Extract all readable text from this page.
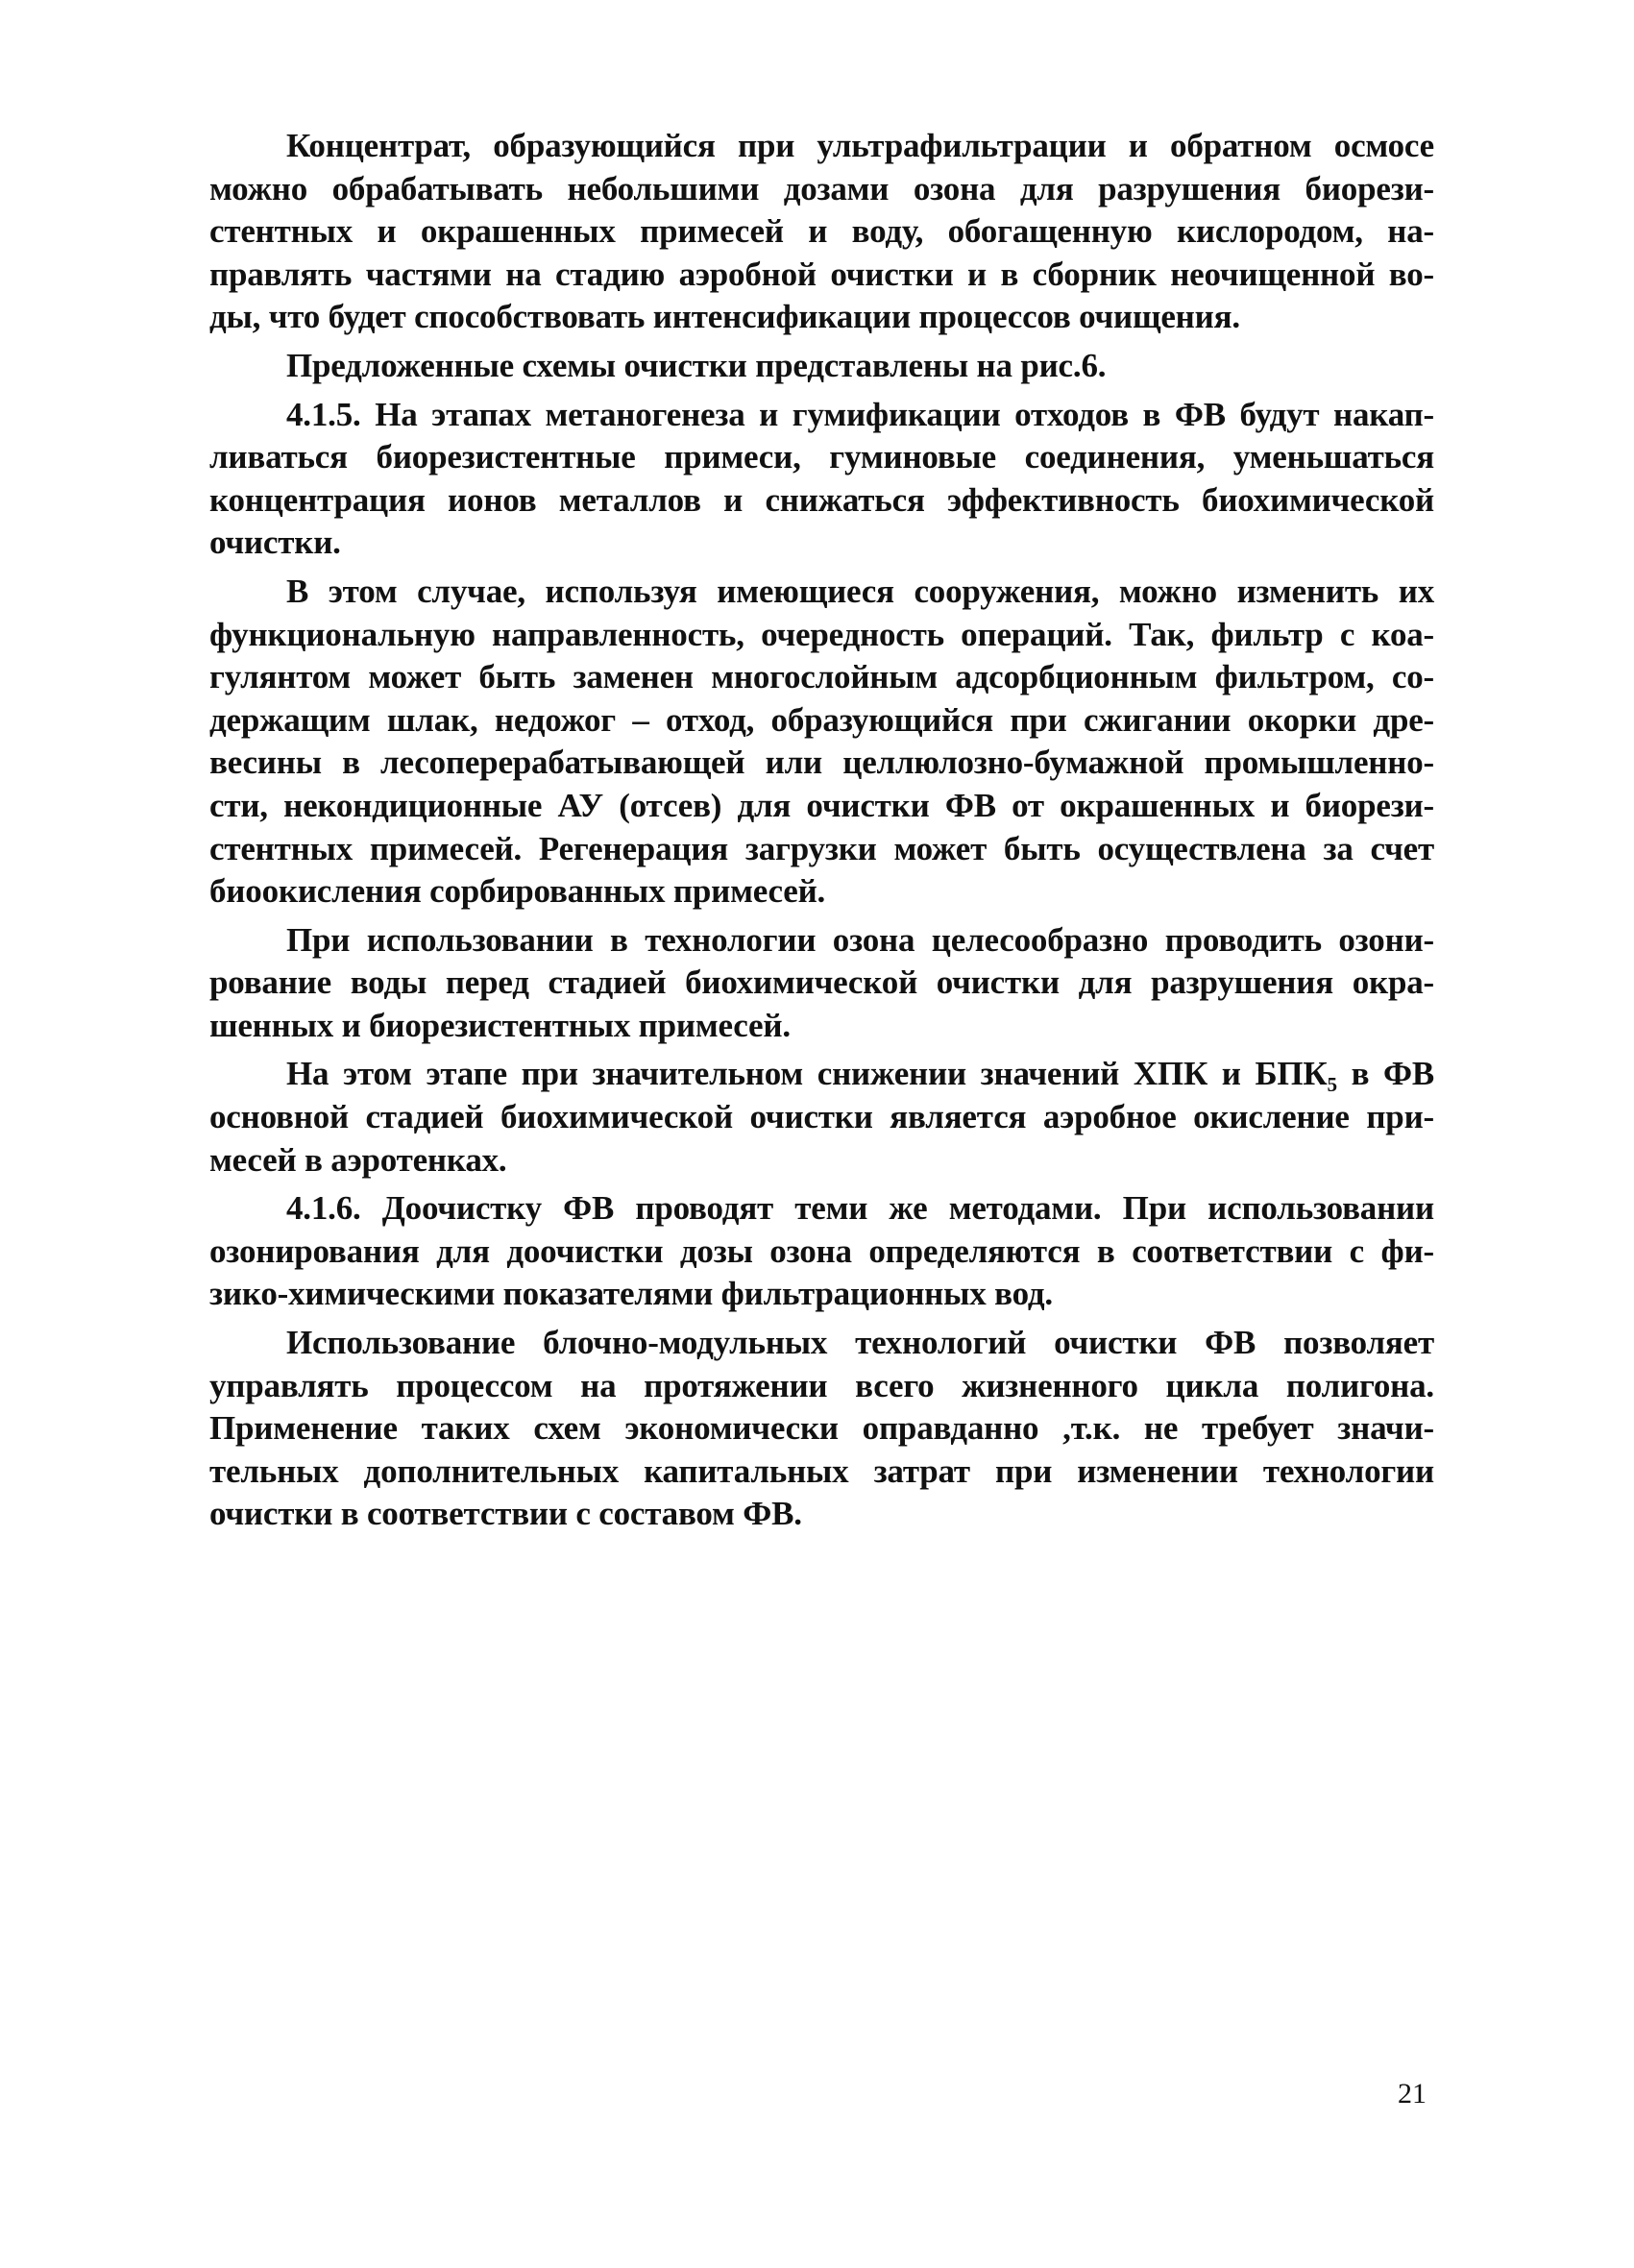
Концентрат, образующийся при ультрафильтрации и обратном осмосе
можно обрабатывать небольшими дозами озона для разрушения биорези-
стентных и окрашенных примесей и воду, обогащенную кислородом, на-
правлять частями на стадию аэробной очистки и в сборник неочищенной во-
ды, что будет способствовать интенсификации процессов очищения.

Предложенные схемы очистки представлены на рис.6.

4.1.5. На этапах метаногенеза и гумификации отходов в ФВ будут накап-
ливаться биорезистентные примеси, гуминовые соединения, уменьшаться
концентрация ионов металлов и снижаться эффективность биохимической
очистки.

В этом случае, используя имеющиеся сооружения, можно изменить их
функциональную направленность, очередность операций. Так, фильтр с коа-
гулянтом может быть заменен многослойным адсорбционным фильтром, со-
держащим шлак, недожог – отход, образующийся при сжигании окорки дре-
весины в лесоперерабатывающей или целлюлозно-бумажной промышленно-
сти, некондиционные АУ (отсев) для очистки ФВ от окрашенных и биорези-
стентных примесей. Регенерация загрузки может быть осуществлена за счет
биоокисления сорбированных примесей.

При использовании в технологии озона целесообразно проводить озони-
рование воды перед стадией биохимической очистки для разрушения окра-
шенных и биорезистентных примесей.

На этом этапе при значительном снижении значений ХПК и БПК₅ в ФВ
основной стадией биохимической очистки является аэробное окисление при-
месей в аэротенках.

4.1.6. Доочистку ФВ проводят теми же методами. При использовании
озонирования для доочистки дозы озона определяются в соответствии с фи-
зико-химическими показателями фильтрационных вод.

Использование блочно-модульных технологий очистки ФВ позволяет
управлять процессом на протяжении всего жизненного цикла полигона.
Применение таких схем экономически оправданно ,т.к. не требует значи-
тельных дополнительных капитальных затрат при изменении технологии
очистки в соответствии с составом ФВ.

21
